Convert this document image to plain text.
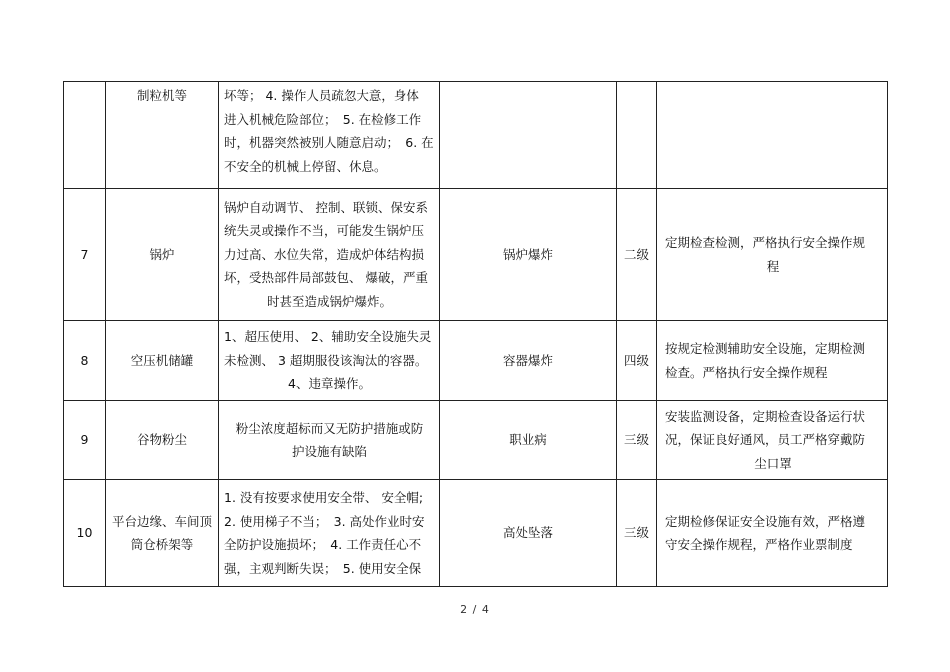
	制粒机等	坏等； 4. 操作人员疏忽大意，身体
进入机械危险部位；　5. 在检修工作
时，机器突然被别人随意启动；　6. 在
不安全的机械上停留、休息。			

7	锅炉	锅炉自动调节、 控制、联锁、保安系
统失灵或操作不当，可能发生锅炉压
力过高、水位失常，造成炉体结构损
坏，受热部件局部鼓包、 爆破，严重
时甚至造成锅炉爆炸。	锅炉爆炸	二级	定期检查检测，严格执行安全操作规
程

8	空压机储罐	1、超压使用、 2、辅助安全设施失灵
未检测、 3 超期服役该淘汰的容器。
4、违章操作。	容器爆炸	四级	按规定检测辅助安全设施，定期检测
检查。严格执行安全操作规程

9	谷物粉尘	粉尘浓度超标而又无防护措施或防
护设施有缺陷	职业病	三级	安装监测设备，定期检查设备运行状
况，保证良好通风，员工严格穿戴防
尘口罩

10	平台边缘、车间顶
筒仓桥架等	1. 没有按要求使用安全带、 安全帽;
2. 使用梯子不当；　3. 高处作业时安
全防护设施损坏；　4. 工作责任心不
强，主观判断失误；　5. 使用安全保	高处坠落	三级	定期检修保证安全设施有效，严格遵
守安全操作规程，严格作业票制度
2 / 4
